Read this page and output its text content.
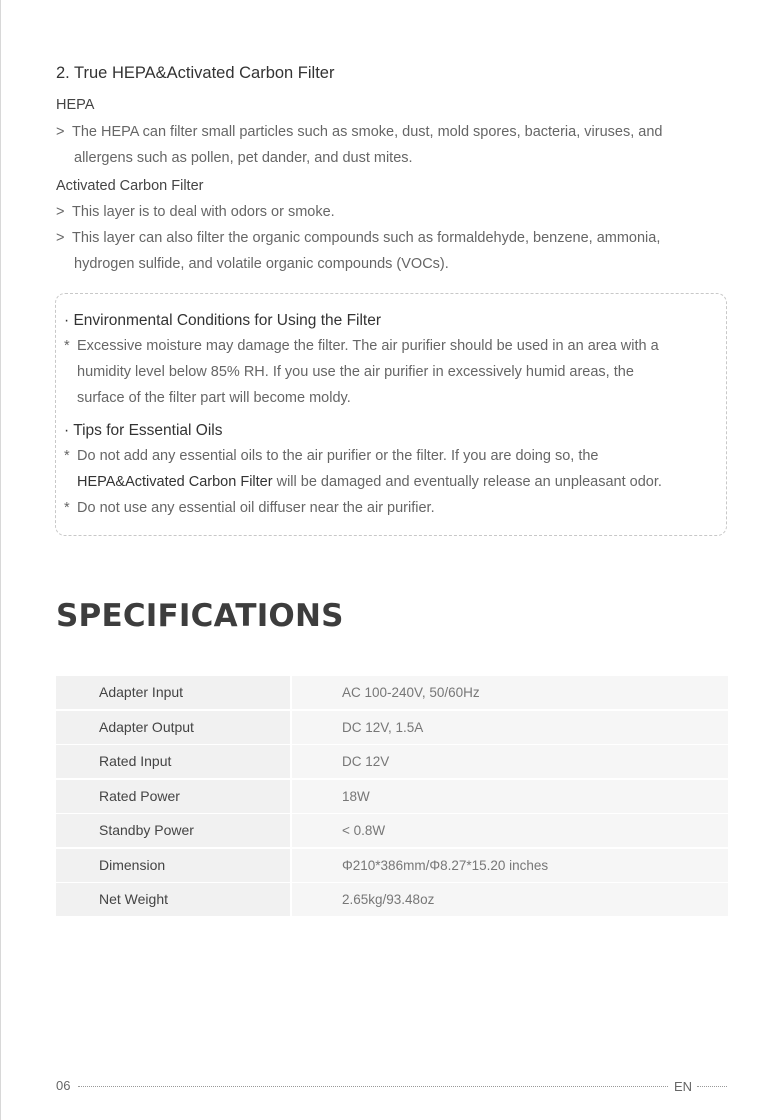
2. True HEPA&Activated Carbon Filter
HEPA
> The HEPA can filter small particles such as smoke, dust, mold spores, bacteria, viruses, and
allergens such as pollen, pet dander, and dust mites.
Activated Carbon Filter
> This layer is to deal with odors or smoke.
> This layer can also filter the organic compounds such as formaldehyde, benzene, ammonia,
hydrogen sulfide, and volatile organic compounds (VOCs).
· Environmental Conditions for Using the Filter
* Excessive moisture may damage the filter. The air purifier should be used in an area with a
humidity level below 85% RH. If you use the air purifier in excessively humid areas, the
surface of the filter part will become moldy.
· Tips for Essential Oils
* Do not add any essential oils to the air purifier or the filter. If you are doing so, the
HEPA&Activated Carbon Filter will be damaged and eventually release an unpleasant odor.
* Do not use any essential oil diffuser near the air purifier.
SPECIFICATIONS
Adapter Input	AC 100-240V, 50/60Hz
Adapter Output	DC 12V, 1.5A
Rated Input	DC 12V
Rated Power	18W
Standby Power	< 0.8W
Dimension	Φ210*386mm/Φ8.27*15.20 inches
Net Weight	2.65kg/93.48oz
06	EN
